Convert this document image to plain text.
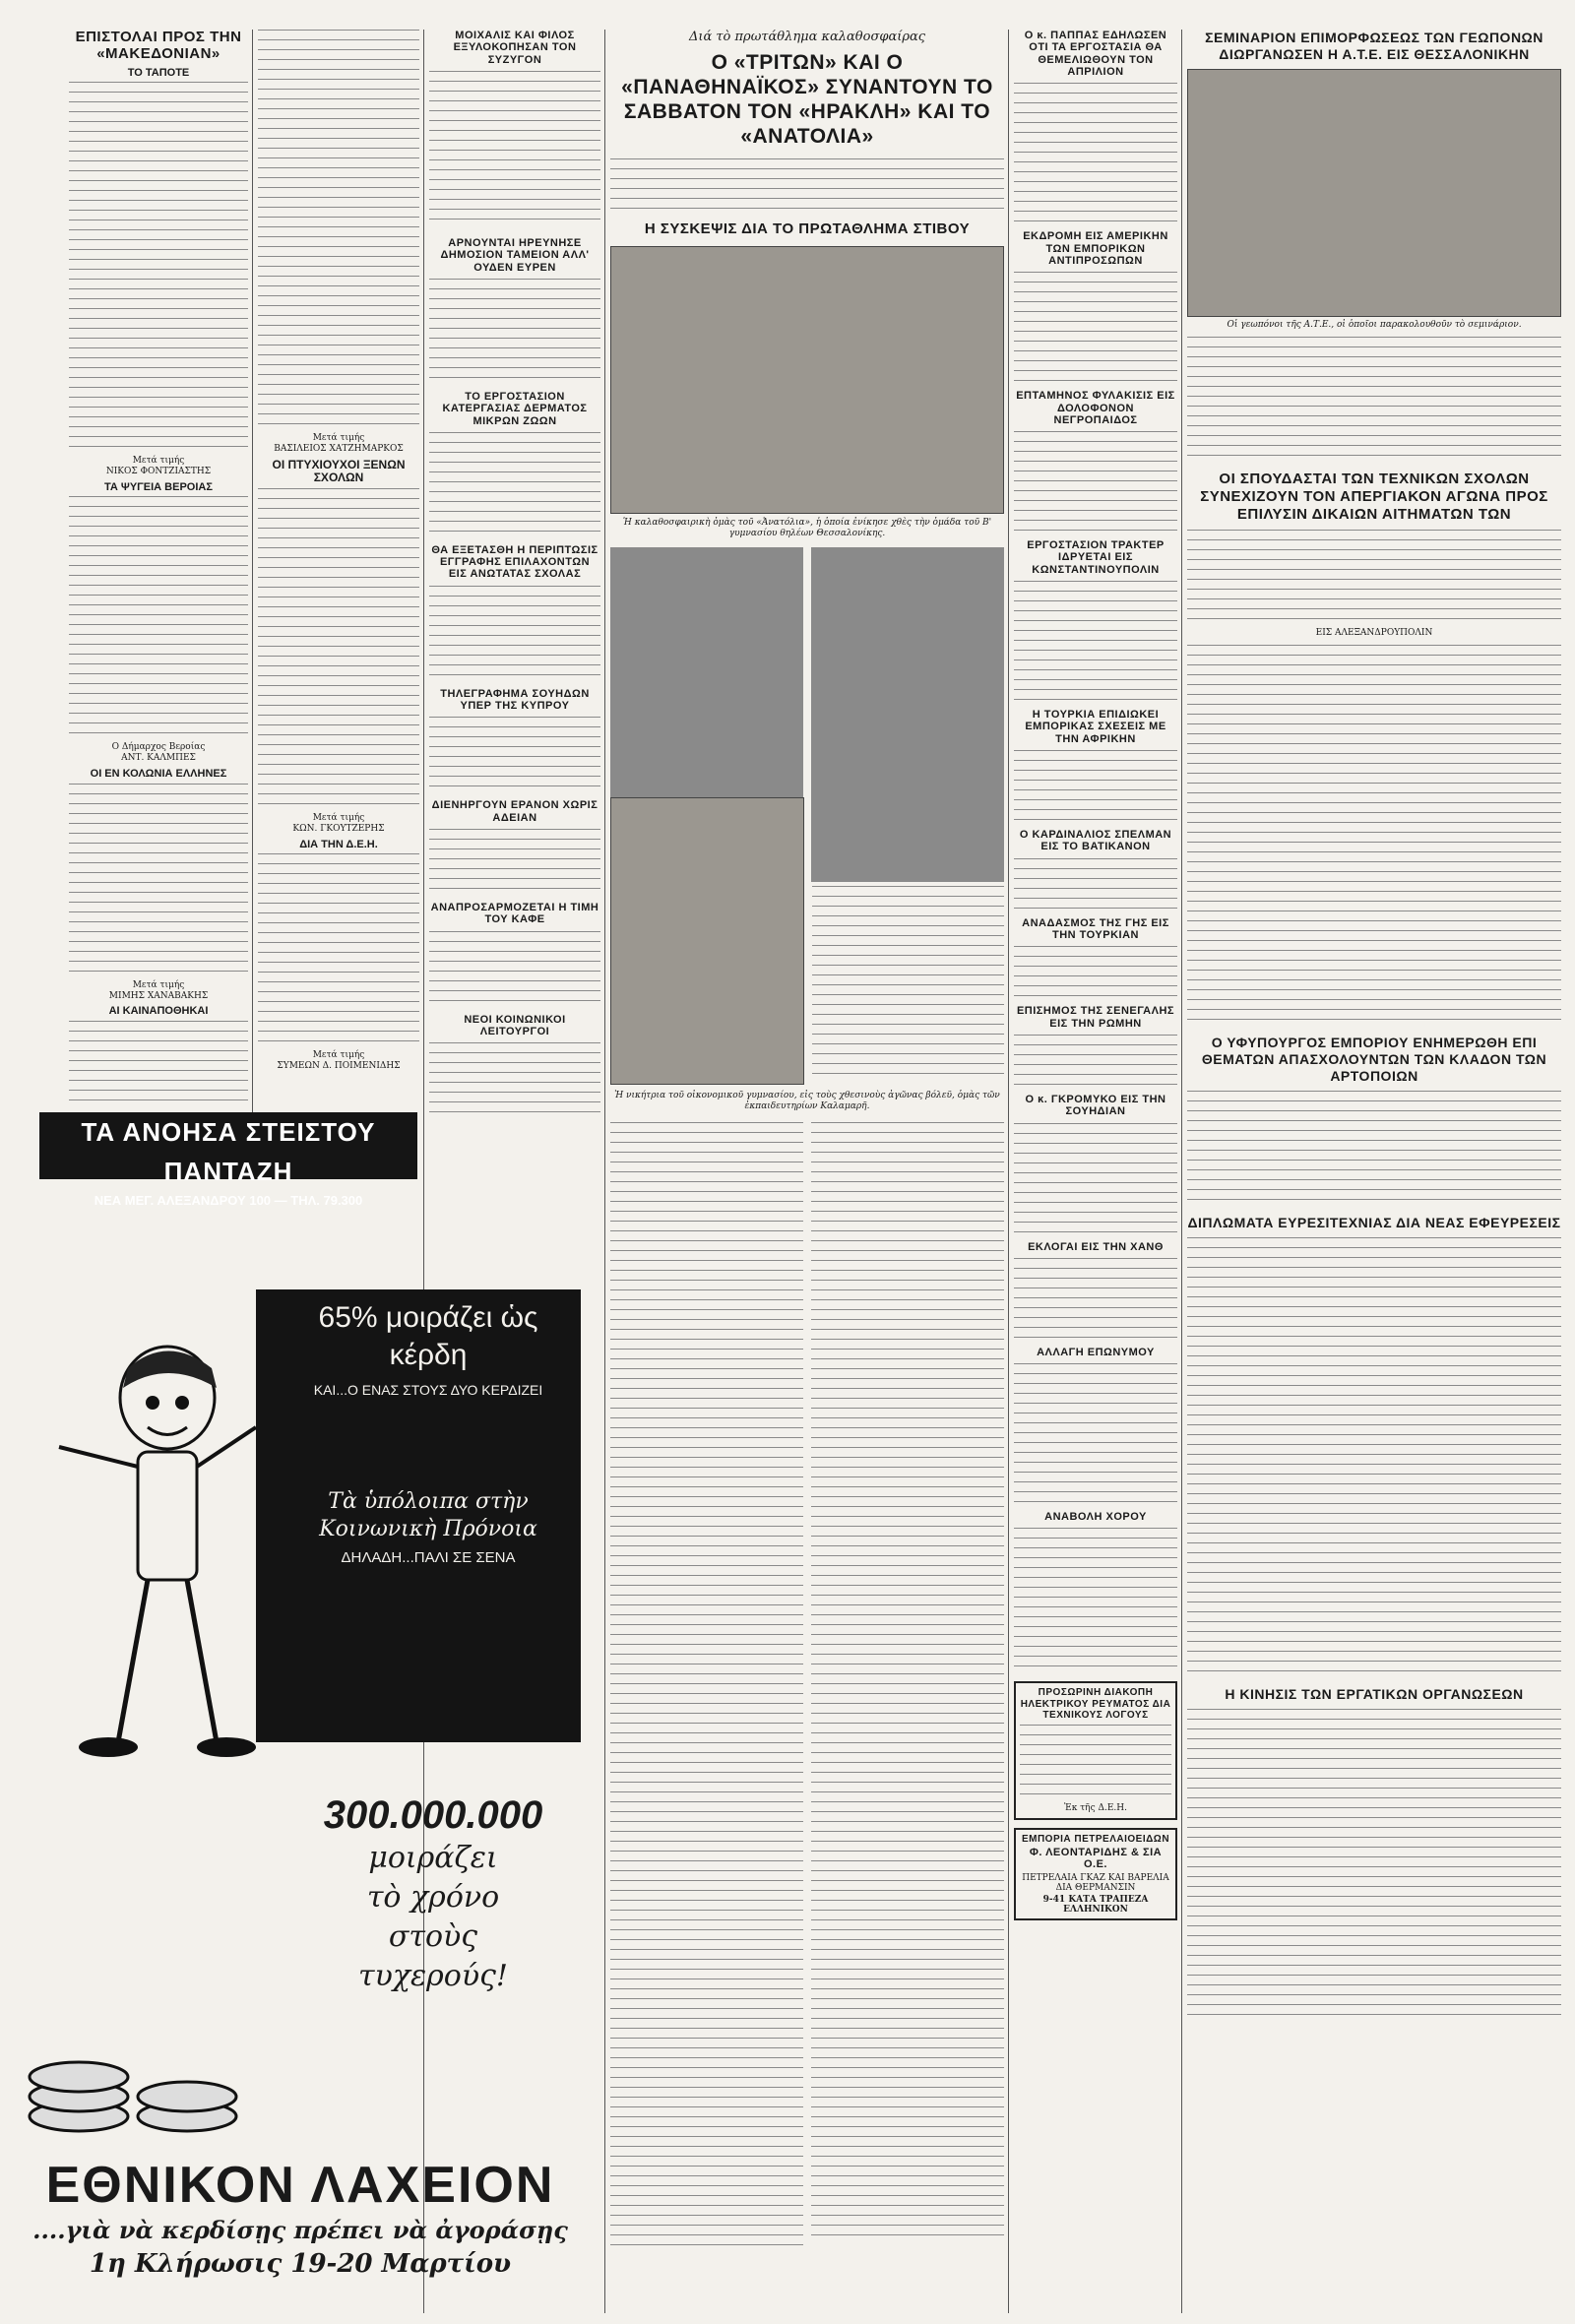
ΕΠΙΣΤΟΛΑΙ ΠΡΟΣ ΤΗΝ «ΜΑΚΕΔΟΝΙΑΝ»
ΤΟ ΤΑΠΟΤΕ
Μετά τιμής
ΝΙΚΟΣ ΦΟΝΤΖΙΑΣΤΗΣ
ΤΑ ΨΥΓΕΙΑ ΒΕΡΟΙΑΣ
Ο Δήμαρχος Βεροίας
ΑΝΤ. ΚΑΛΜΠΕΣ
ΟΙ ΕΝ ΚΟΛΩΝΙΑ ΕΛΛΗΝΕΣ
Μετά τιμής
ΜΙΜΗΣ ΧΑΝΑΒΑΚΗΣ
ΑΙ ΚΑΙΝΑΠΟΘΗΚΑΙ
Μετά τιμής
ΒΑΣΙΛΕΙΟΣ ΧΑΤΖΗΜΑΡΚΟΣ
ΟΙ ΠΤΥΧΙΟΥΧΟΙ ΞΕΝΩΝ ΣΧΟΛΩΝ
Μετά τιμής
ΚΩΝ. ΓΚΟΥΤΖΕΡΗΣ
ΔΙΑ ΤΗΝ Δ.Ε.Η.
Μετά τιμής
ΣΥΜΕΩΝ Δ. ΠΟΙΜΕΝΙΔΗΣ
ΤΑ ΑΝΟΗΣΑ ΣΤΕΙΣΤΟΥ ΠΑΝΤΑΖΗ
ΝΕΑ ΜΕΓ. ΑΛΕΞΑΝΔΡΟΥ 100 — ΤΗΛ. 79.300
65% μοιράζει ὡς κέρδη
ΚΑΙ...Ο ΕΝΑΣ ΣΤΟΥΣ ΔΥΟ ΚΕΡΔΙΖΕΙ
Τὰ ὑπόλοιπα στὴν Κοινωνικὴ Πρόνοια
ΔΗΛΑΔΗ...ΠΑΛΙ ΣΕ ΣΕΝΑ
300.000.000
μοιράζει
τὸ χρόνο
στοὺς
τυχερούς!
ΕΘΝΙΚΟΝ ΛΑΧΕΙΟΝ
....γιὰ νὰ κερδίσῃς πρέπει νὰ ἀγοράσῃς
1η Κλήρωσις 19-20 Μαρτίου
ΜΟΙΧΑΛΙΣ ΚΑΙ ΦΙΛΟΣ ΕΞΥΛΟΚΟΠΗΣΑΝ ΤΟΝ ΣΥΖΥΓΟΝ
ΑΡΝΟΥΝΤΑΙ ΗΡΕΥΝΗΣΕ ΔΗΜΟΣΙΟΝ ΤΑΜΕΙΟΝ ΑΛΛ' ΟΥΔΕΝ ΕΥΡΕΝ
ΤΟ ΕΡΓΟΣΤΑΣΙΟΝ ΚΑΤΕΡΓΑΣΙΑΣ ΔΕΡΜΑΤΟΣ ΜΙΚΡΩΝ ΖΩΩΝ
ΘΑ ΕΞΕΤΑΣΘΗ Η ΠΕΡΙΠΤΩΣΙΣ ΕΓΓΡΑΦΗΣ ΕΠΙΛΑΧΟΝΤΩΝ ΕΙΣ ΑΝΩΤΑΤΑΣ ΣΧΟΛΑΣ
ΤΗΛΕΓΡΑΦΗΜΑ ΣΟΥΗΔΩΝ ΥΠΕΡ ΤΗΣ ΚΥΠΡΟΥ
ΔΙΕΝΗΡΓΟΥΝ ΕΡΑΝΟΝ ΧΩΡΙΣ ΑΔΕΙΑΝ
ΑΝΑΠΡΟΣΑΡΜΟΖΕΤΑΙ Η ΤΙΜΗ ΤΟΥ ΚΑΦΕ
ΝΕΟΙ ΚΟΙΝΩΝΙΚΟΙ ΛΕΙΤΟΥΡΓΟΙ
Διά τὸ πρωτάθλημα καλαθοσφαίρας
Ο «ΤΡΙΤΩΝ» ΚΑΙ Ο «ΠΑΝΑΘΗΝΑΪΚΟΣ» ΣΥΝΑΝΤΟΥΝ ΤΟ ΣΑΒΒΑΤΟΝ ΤΟΝ «ΗΡΑΚΛΗ» ΚΑΙ ΤΟ «ΑΝΑΤΟΛΙΑ»
Η ΣΥΣΚΕΨΙΣ ΔΙΑ ΤΟ ΠΡΩΤΑΘΛΗΜΑ ΣΤΙΒΟΥ
Ἡ καλαθοσφαιρικὴ ὁμὰς τοῦ «Ἀνατόλια», ἡ ὁποία ἐνίκησε χθὲς τὴν ὁμάδα τοῦ Β' γυμνασίου θηλέων Θεσσαλονίκης.
Ἡ νικήτρια τοῦ οἰκονομικοῦ γυμνασίου, εἰς τοὺς χθεσινοὺς ἀγῶνας βόλεϋ, ὁμὰς τῶν ἐκπαιδευτηρίων Καλαμαρῆ.
Ο κ. ΠΑΠΠΑΣ ΕΔΗΛΩΣΕΝ ΟΤΙ ΤΑ ΕΡΓΟΣΤΑΣΙΑ ΘΑ ΘΕΜΕΛΙΩΘΟΥΝ ΤΟΝ ΑΠΡΙΛΙΟΝ
ΕΚΔΡΟΜΗ ΕΙΣ ΑΜΕΡΙΚΗΝ ΤΩΝ ΕΜΠΟΡΙΚΩΝ ΑΝΤΙΠΡΟΣΩΠΩΝ
ΕΠΤΑΜΗΝΟΣ ΦΥΛΑΚΙΣΙΣ ΕΙΣ ΔΟΛΟΦΟΝΟΝ ΝΕΓΡΟΠΑΙΔΟΣ
ΕΡΓΟΣΤΑΣΙΟΝ ΤΡΑΚΤΕΡ ΙΔΡΥΕΤΑΙ ΕΙΣ ΚΩΝΣΤΑΝΤΙΝΟΥΠΟΛΙΝ
Η ΤΟΥΡΚΙΑ ΕΠΙΔΙΩΚΕΙ ΕΜΠΟΡΙΚΑΣ ΣΧΕΣΕΙΣ ΜΕ ΤΗΝ ΑΦΡΙΚΗΝ
Ο ΚΑΡΔΙΝΑΛΙΟΣ ΣΠΕΛΜΑΝ ΕΙΣ ΤΟ ΒΑΤΙΚΑΝΟΝ
ΑΝΑΔΑΣΜΟΣ ΤΗΣ ΓΗΣ ΕΙΣ ΤΗΝ ΤΟΥΡΚΙΑΝ
ΕΠΙΣΗΜΟΣ ΤΗΣ ΣΕΝΕΓΑΛΗΣ ΕΙΣ ΤΗΝ ΡΩΜΗΝ
Ο κ. ΓΚΡΟΜΥΚΟ ΕΙΣ ΤΗΝ ΣΟΥΗΔΙΑΝ
ΕΚΛΟΓΑΙ ΕΙΣ ΤΗΝ ΧΑΝΘ
ΑΛΛΑΓΗ ΕΠΩΝΥΜΟΥ
ΑΝΑΒΟΛΗ ΧΟΡΟΥ
ΠΡΟΣΩΡΙΝΗ ΔΙΑΚΟΠΗ ΗΛΕΚΤΡΙΚΟΥ ΡΕΥΜΑΤΟΣ ΔΙΑ ΤΕΧΝΙΚΟΥΣ ΛΟΓΟΥΣ
Ἐκ τῆς Δ.Ε.Η.
ΕΜΠΟΡΙΑ ΠΕΤΡΕΛΑΙΟΕΙΔΩΝ
Φ. ΛΕΟΝΤΑΡΙΔΗΣ & ΣΙΑ Ο.Ε.
ΠΕΤΡΕΛΑΙΑ ΓΚΑΖ ΚΑΙ ΒΑΡΕΛΙΑ ΔΙΑ ΘΕΡΜΑΝΣΙΝ
9-41 ΚΑΤΑ ΤΡΑΠΕΖΑ ΕΛΛΗΝΙΚΟΝ
ΣΕΜΙΝΑΡΙΟΝ ΕΠΙΜΟΡΦΩΣΕΩΣ ΤΩΝ ΓΕΩΠΟΝΩΝ ΔΙΩΡΓΑΝΩΣΕΝ Η Α.Τ.Ε. ΕΙΣ ΘΕΣΣΑΛΟΝΙΚΗΝ
Οἱ γεωπόνοι τῆς Α.Τ.Ε., οἱ ὁποῖοι παρακολουθοῦν τὸ σεμινάριον.
ΟΙ ΣΠΟΥΔΑΣΤΑΙ ΤΩΝ ΤΕΧΝΙΚΩΝ ΣΧΟΛΩΝ ΣΥΝΕΧΙΖΟΥΝ ΤΟΝ ΑΠΕΡΓΙΑΚΟΝ ΑΓΩΝΑ ΠΡΟΣ ΕΠΙΛΥΣΙΝ ΔΙΚΑΙΩΝ ΑΙΤΗΜΑΤΩΝ ΤΩΝ
ΕΙΣ ΑΛΕΞΑΝΔΡΟΥΠΟΛΙΝ
Ο ΥΦΥΠΟΥΡΓΟΣ ΕΜΠΟΡΙΟΥ ΕΝΗΜΕΡΩΘΗ ΕΠΙ ΘΕΜΑΤΩΝ ΑΠΑΣΧΟΛΟΥΝΤΩΝ ΤΩΝ ΚΛΑΔΟΝ ΤΩΝ ΑΡΤΟΠΟΙΩΝ
ΔΙΠΛΩΜΑΤΑ ΕΥΡΕΣΙΤΕΧΝΙΑΣ ΔΙΑ ΝΕΑΣ ΕΦΕΥΡΕΣΕΙΣ
Η ΚΙΝΗΣΙΣ ΤΩΝ ΕΡΓΑΤΙΚΩΝ ΟΡΓΑΝΩΣΕΩΝ
